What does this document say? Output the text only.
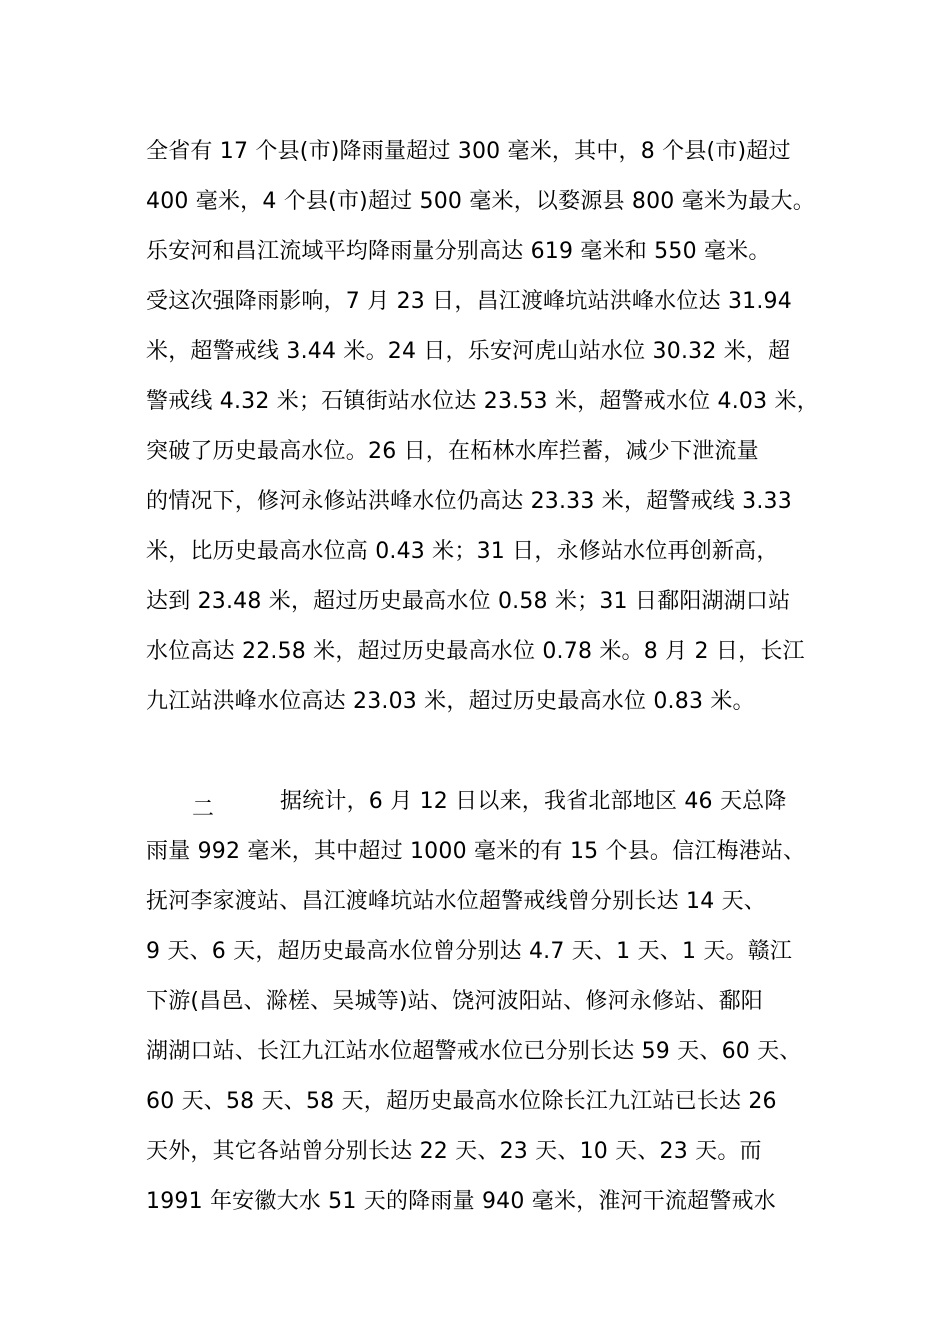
全省有 17 个县(市)降雨量超过 300 毫米，其中，8 个县(市)超过
400 毫米，4 个县(市)超过 500 毫米，以婺源县 800 毫米为最大。
乐安河和昌江流域平均降雨量分别高达 619 毫米和 550 毫米。
受这次强降雨影响，7 月 23 日，昌江渡峰坑站洪峰水位达 31.94
米，超警戒线 3.44 米。24 日，乐安河虎山站水位 30.32 米，超
警戒线 4.32 米；石镇街站水位达 23.53 米，超警戒水位 4.03 米，
突破了历史最高水位。26 日，在柘林水库拦蓄，减少下泄流量
的情况下，修河永修站洪峰水位仍高达 23.33 米，超警戒线 3.33
米，比历史最高水位高 0.43 米；31 日，永修站水位再创新高，
达到 23.48 米，超过历史最高水位 0.58 米；31 日鄱阳湖湖口站
水位高达 22.58 米，超过历史最高水位 0.78 米。8 月 2 日，长江
九江站洪峰水位高达 23.03 米，超过历史最高水位 0.83 米。
二	据统计，6 月 12 日以来，我省北部地区 46 天总降
雨量 992 毫米，其中超过 1000 毫米的有 15 个县。信江梅港站、
抚河李家渡站、昌江渡峰坑站水位超警戒线曾分别长达 14 天、
9 天、6 天，超历史最高水位曾分别达 4.7 天、1 天、1 天。赣江
下游(昌邑、滁槎、吴城等)站、饶河波阳站、修河永修站、鄱阳
湖湖口站、长江九江站水位超警戒水位已分别长达 59 天、60 天、
60 天、58 天、58 天，超历史最高水位除长江九江站已长达 26
天外，其它各站曾分别长达 22 天、23 天、10 天、23 天。而
1991 年安徽大水 51 天的降雨量 940 毫米，淮河干流超警戒水
